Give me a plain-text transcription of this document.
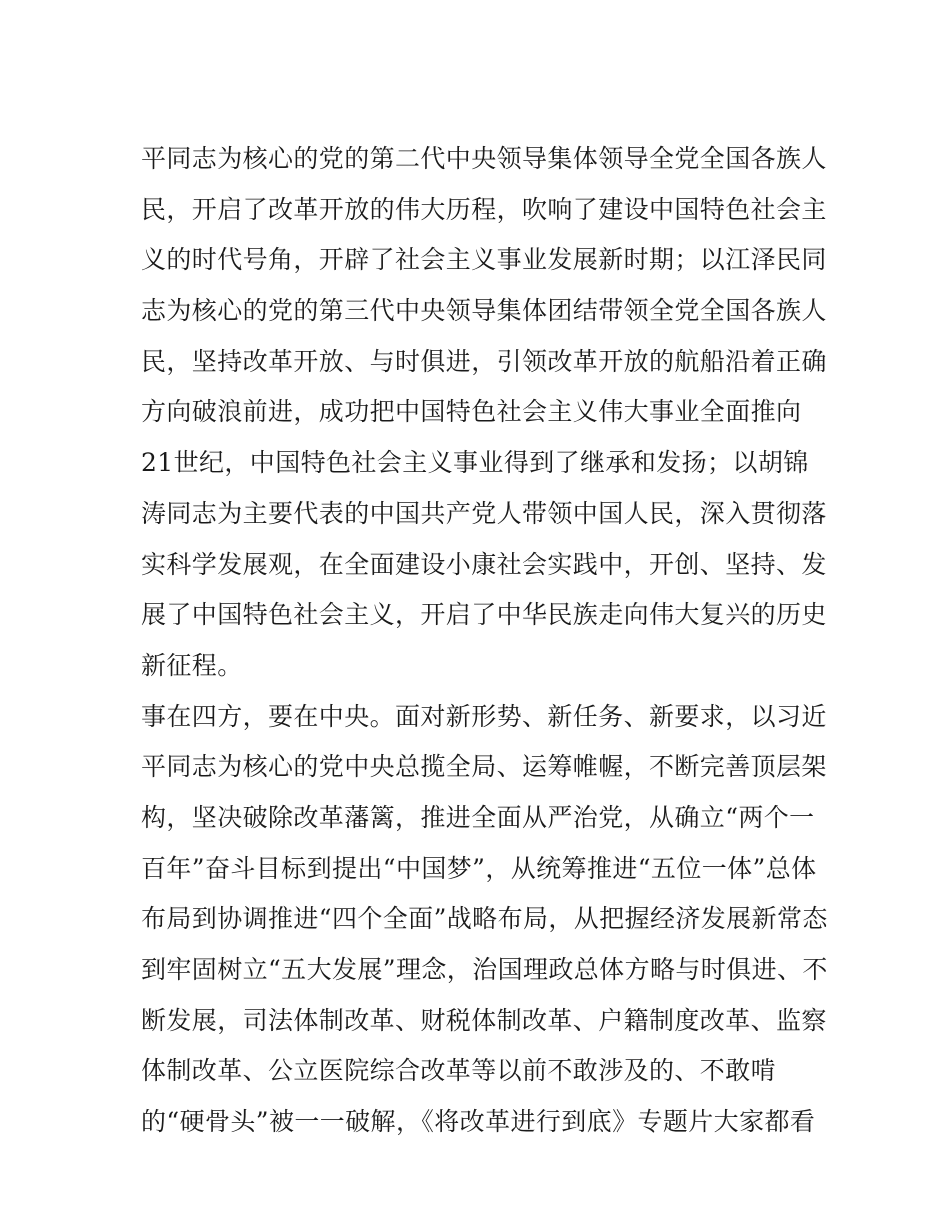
平同志为核心的党的第二代中央领导集体领导全党全国各族人
民，开启了改革开放的伟大历程，吹响了建设中国特色社会主
义的时代号角，开辟了社会主义事业发展新时期；以江泽民同
志为核心的党的第三代中央领导集体团结带领全党全国各族人
民，坚持改革开放、与时俱进，引领改革开放的航船沿着正确
方向破浪前进，成功把中国特色社会主义伟大事业全面推向
21世纪，中国特色社会主义事业得到了继承和发扬；以胡锦
涛同志为主要代表的中国共产党人带领中国人民，深入贯彻落
实科学发展观，在全面建设小康社会实践中，开创、坚持、发
展了中国特色社会主义，开启了中华民族走向伟大复兴的历史
新征程。
事在四方，要在中央。面对新形势、新任务、新要求，以习近
平同志为核心的党中央总揽全局、运筹帷幄，不断完善顶层架
构，坚决破除改革藩篱，推进全面从严治党，从确立“两个一
百年”奋斗目标到提出“中国梦”，从统筹推进“五位一体”总体
布局到协调推进“四个全面”战略布局，从把握经济发展新常态
到牢固树立“五大发展”理念，治国理政总体方略与时俱进、不
断发展，司法体制改革、财税体制改革、户籍制度改革、监察
体制改革、公立医院综合改革等以前不敢涉及的、不敢啃
的“硬骨头”被一一破解，《将改革进行到底》专题片大家都看
